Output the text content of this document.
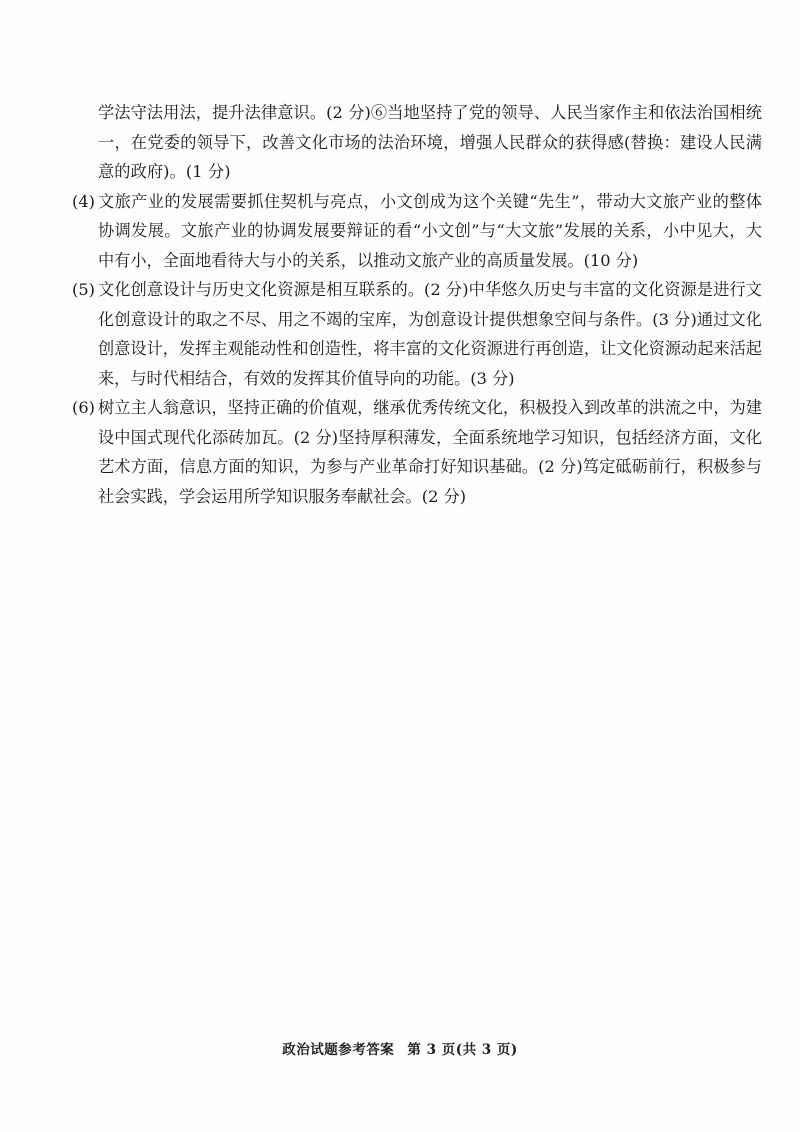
学法守法用法，提升法律意识。(2 分)⑥当地坚持了党的领导、人民当家作主和依法治国相统一，在党委的领导下，改善文化市场的法治环境，增强人民群众的获得感(替换：建设人民满意的政府)。(1 分)

(4) 文旅产业的发展需要抓住契机与亮点，小文创成为这个关键“先生”，带动大文旅产业的整体协调发展。文旅产业的协调发展要辩证的看“小文创”与“大文旅”发展的关系，小中见大，大中有小，全面地看待大与小的关系，以推动文旅产业的高质量发展。(10 分)
(5) 文化创意设计与历史文化资源是相互联系的。(2 分)中华悠久历史与丰富的文化资源是进行文化创意设计的取之不尽、用之不竭的宝库，为创意设计提供想象空间与条件。(3 分)通过文化创意设计，发挥主观能动性和创造性，将丰富的文化资源进行再创造，让文化资源动起来活起来，与时代相结合，有效的发挥其价值导向的功能。(3 分)
(6) 树立主人翁意识，坚持正确的价值观，继承优秀传统文化，积极投入到改革的洪流之中，为建设中国式现代化添砖加瓦。(2 分)坚持厚积薄发，全面系统地学习知识，包括经济方面，文化艺术方面，信息方面的知识，为参与产业革命打好知识基础。(2 分)笃定砥砺前行，积极参与社会实践，学会运用所学知识服务奉献社会。(2 分)
政治试题参考答案 第 3 页(共 3 页)
